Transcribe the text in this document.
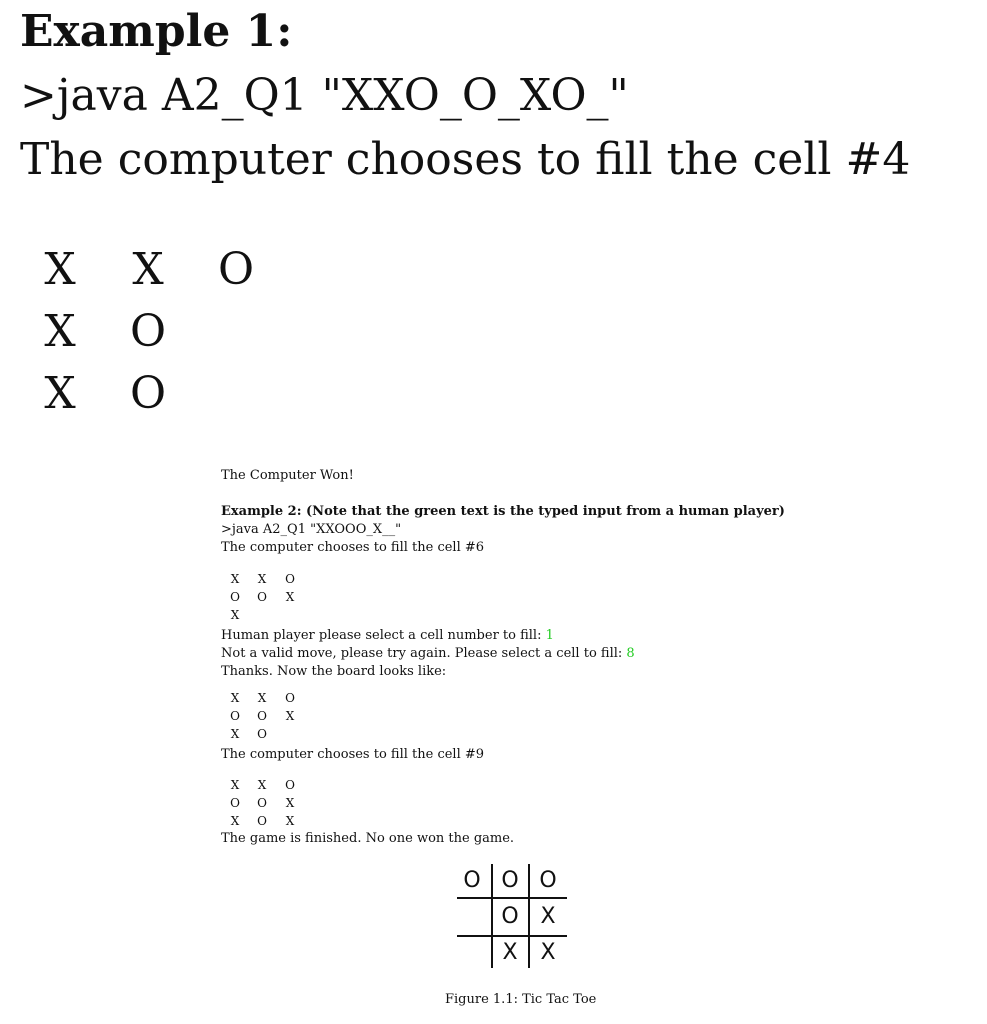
Example 1:
>java A2_Q1 "XXO_O_XO_"
The computer chooses to fill the cell #4
X X O
X O
X O
The Computer Won!
Example 2: (Note that the green text is the typed input from a human player)
>java A2_Q1 "XXOOO_X__"
The computer chooses to fill the cell #6
X X O
O O X
X
Human player please select a cell number to fill: 1
Not a valid move, please try again. Please select a cell to fill: 8
Thanks. Now the board looks like:
X X O
O O X
X O
The computer chooses to fill the cell #9
X X O
O O X
X O X
The game is finished. No one won the game.
O O O
O X
X X
Figure 1.1: Tic Tac Toe
